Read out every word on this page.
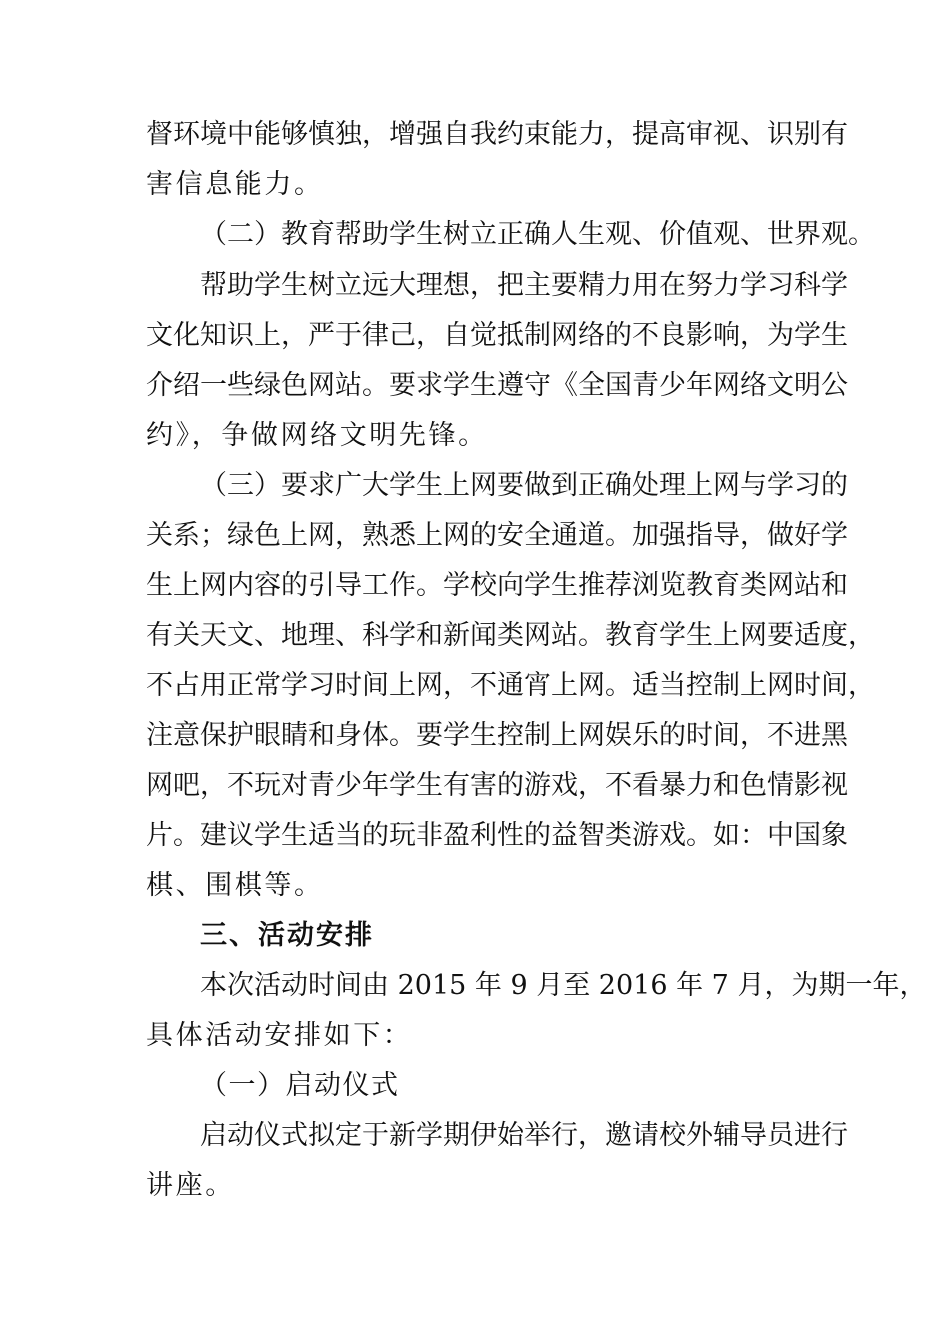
督环境中能够慎独，增强自我约束能力，提高审视、识别有
害信息能力。
（二）教育帮助学生树立正确人生观、价值观、世界观。
帮助学生树立远大理想，把主要精力用在努力学习科学
文化知识上，严于律己，自觉抵制网络的不良影响，为学生
介绍一些绿色网站。要求学生遵守《全国青少年网络文明公
约》，争做网络文明先锋。
（三）要求广大学生上网要做到正确处理上网与学习的
关系；绿色上网，熟悉上网的安全通道。加强指导，做好学
生上网内容的引导工作。学校向学生推荐浏览教育类网站和
有关天文、地理、科学和新闻类网站。教育学生上网要适度，
不占用正常学习时间上网，不通宵上网。适当控制上网时间，
注意保护眼睛和身体。要学生控制上网娱乐的时间，不进黑
网吧，不玩对青少年学生有害的游戏，不看暴力和色情影视
片。建议学生适当的玩非盈利性的益智类游戏。如：中国象
棋、围棋等。
三、活动安排
本次活动时间由 2015 年 9 月至 2016 年 7 月，为期一年，
具体活动安排如下：
（一）启动仪式
启动仪式拟定于新学期伊始举行，邀请校外辅导员进行
讲座。
